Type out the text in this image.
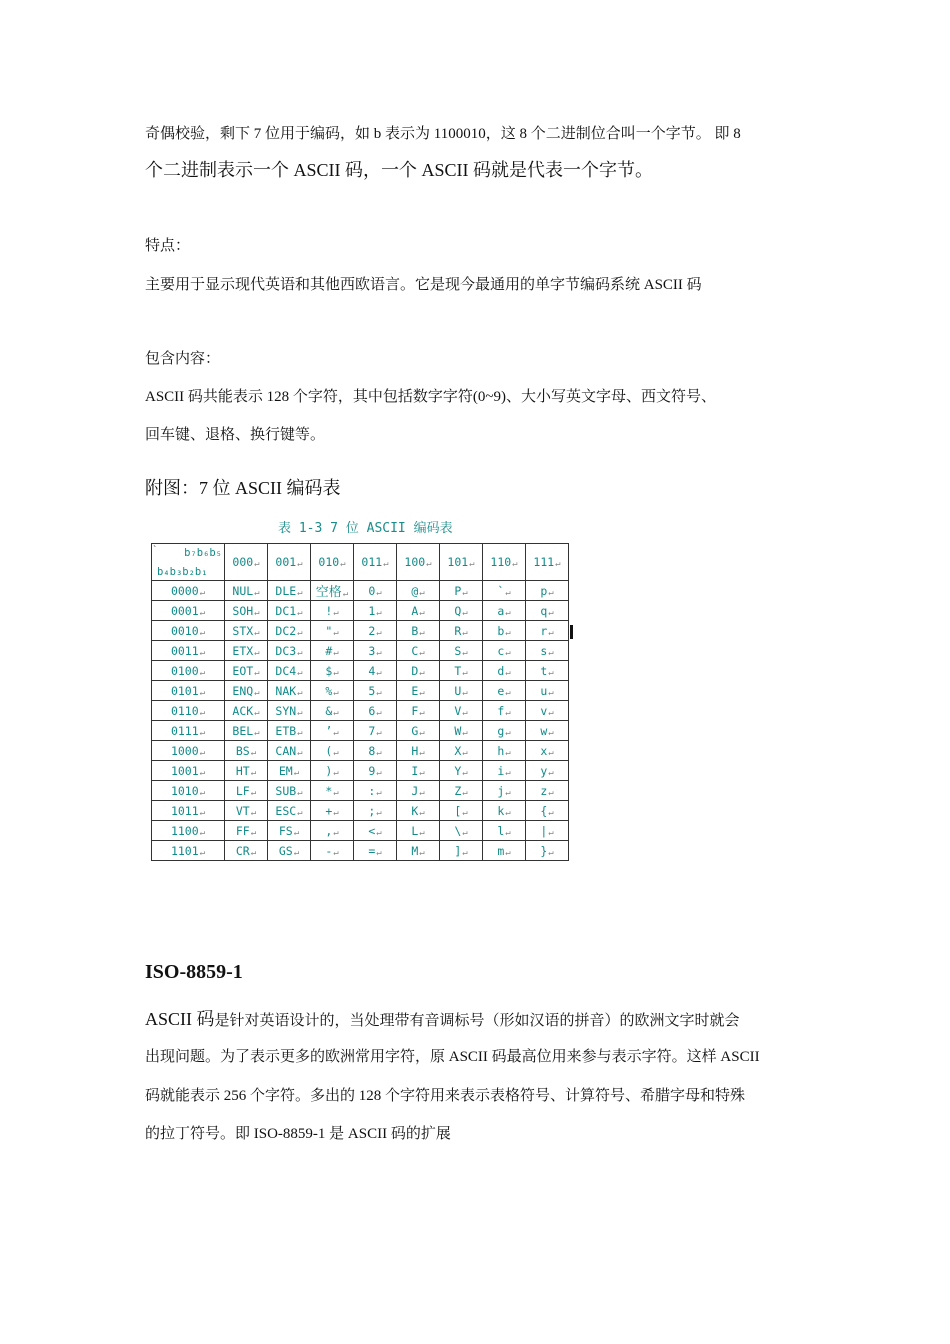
奇偶校验，剩下 7 位用于编码，如 b 表示为 1100010，这 8 个二进制位合叫一个字节。 即 8
个二进制表示一个 ASCII 码，一个 ASCII 码就是代表一个字节。
特点：
主要用于显示现代英语和其他西欧语言。它是现今最通用的单字节编码系统 ASCII 码
包含内容：
ASCII 码共能表示 128 个字符，其中包括数字字符(0~9)、大小写英文字母、西文符号、
回车键、退格、换行键等。
附图：7 位 ASCII 编码表
表 1-3 7 位 ASCII 编码表
ˋ b₇b₆b₅
b₄b₃b₂b₁	000↵	001↵	010↵	011↵	100↵	101↵	110↵	111↵
0000↵	NUL↵	DLE↵	空格↵	0↵	@↵	P↵	`↵	p↵
0001↵	SOH↵	DC1↵	!↵	1↵	A↵	Q↵	a↵	q↵
0010↵	STX↵	DC2↵	"↵	2↵	B↵	R↵	b↵	r↵
0011↵	ETX↵	DC3↵	#↵	3↵	C↵	S↵	c↵	s↵
0100↵	EOT↵	DC4↵	$↵	4↵	D↵	T↵	d↵	t↵
0101↵	ENQ↵	NAK↵	%↵	5↵	E↵	U↵	e↵	u↵
0110↵	ACK↵	SYN↵	&↵	6↵	F↵	V↵	f↵	v↵
0111↵	BEL↵	ETB↵	’↵	7↵	G↵	W↵	g↵	w↵
1000↵	BS↵	CAN↵	(↵	8↵	H↵	X↵	h↵	x↵
1001↵	HT↵	EM↵	)↵	9↵	I↵	Y↵	i↵	y↵
1010↵	LF↵	SUB↵	*↵	:↵	J↵	Z↵	j↵	z↵
1011↵	VT↵	ESC↵	+↵	;↵	K↵	[↵	k↵	{↵
1100↵	FF↵	FS↵	,↵	<↵	L↵	\↵	l↵	|↵
1101↵	CR↵	GS↵	-↵	=↵	M↵	]↵	m↵	}↵
ISO-8859-1
ASCII 码是针对英语设计的，当处理带有音调标号（形如汉语的拼音）的欧洲文字时就会
出现问题。为了表示更多的欧洲常用字符，原 ASCII 码最高位用来参与表示字符。这样 ASCII
码就能表示 256 个字符。多出的 128 个字符用来表示表格符号、计算符号、希腊字母和特殊
的拉丁符号。即 ISO-8859-1 是 ASCII 码的扩展
